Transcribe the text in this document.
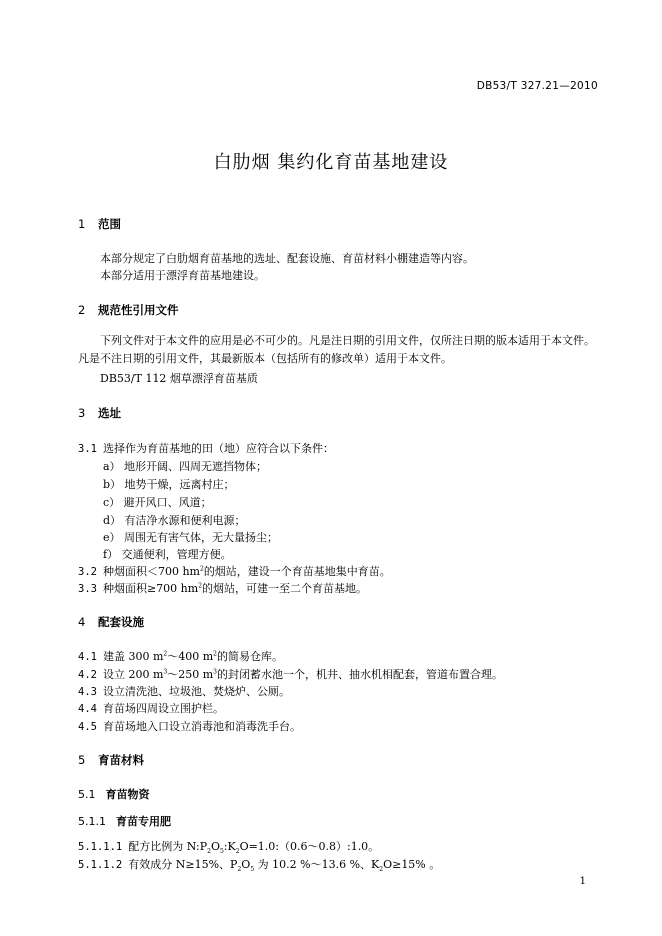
DB53/T 327.21—2010
白肋烟 集约化育苗基地建设
1 范围
本部分规定了白肋烟育苗基地的选址、配套设施、育苗材料小棚建造等内容。
本部分适用于漂浮育苗基地建设。
2 规范性引用文件
下列文件对于本文件的应用是必不可少的。凡是注日期的引用文件，仅所注日期的版本适用于本文件。凡是不注日期的引用文件，其最新版本（包括所有的修改单）适用于本文件。
DB53/T 112 烟草漂浮育苗基质
3 选址
3.1 选择作为育苗基地的田（地）应符合以下条件：
a） 地形开阔、四周无遮挡物体；
b） 地势干燥，远离村庄；
c） 避开风口、风道；
d） 有洁净水源和便利电源；
e） 周围无有害气体，无大量扬尘；
f） 交通便利，管理方便。
3.2 种烟面积＜700 $hm^2$的烟站，建设一个育苗基地集中育苗。
3.3 种烟面积≥700 $hm^2$的烟站，可建一至二个育苗基地。
4 配套设施
4.1 建盖 300 $m^2\sim 400$ $m^2$的简易仓库。
4.2 设立 200 $m^3\sim 250$ $m^3$的封闭蓄水池一个，机井、抽水机相配套，管道布置合理。
4.3 设立清洗池、垃圾池、焚烧炉、公厕。
4.4 育苗场四周设立围护栏。
4.5 育苗场地入口设立消毒池和消毒洗手台。
5 育苗材料
5.1 育苗物资
5.1.1 育苗专用肥
5.1.1.1 配方比例为 $N:P_2O_5:K_2O=1.0:(0.6\sim 0.8):1.0$。
5.1.1.2 有效成分 N≥15%、$P_2O_5$ 为 10.2 %～13.6 %、$K_2O\ge 15\%$ 。
1
